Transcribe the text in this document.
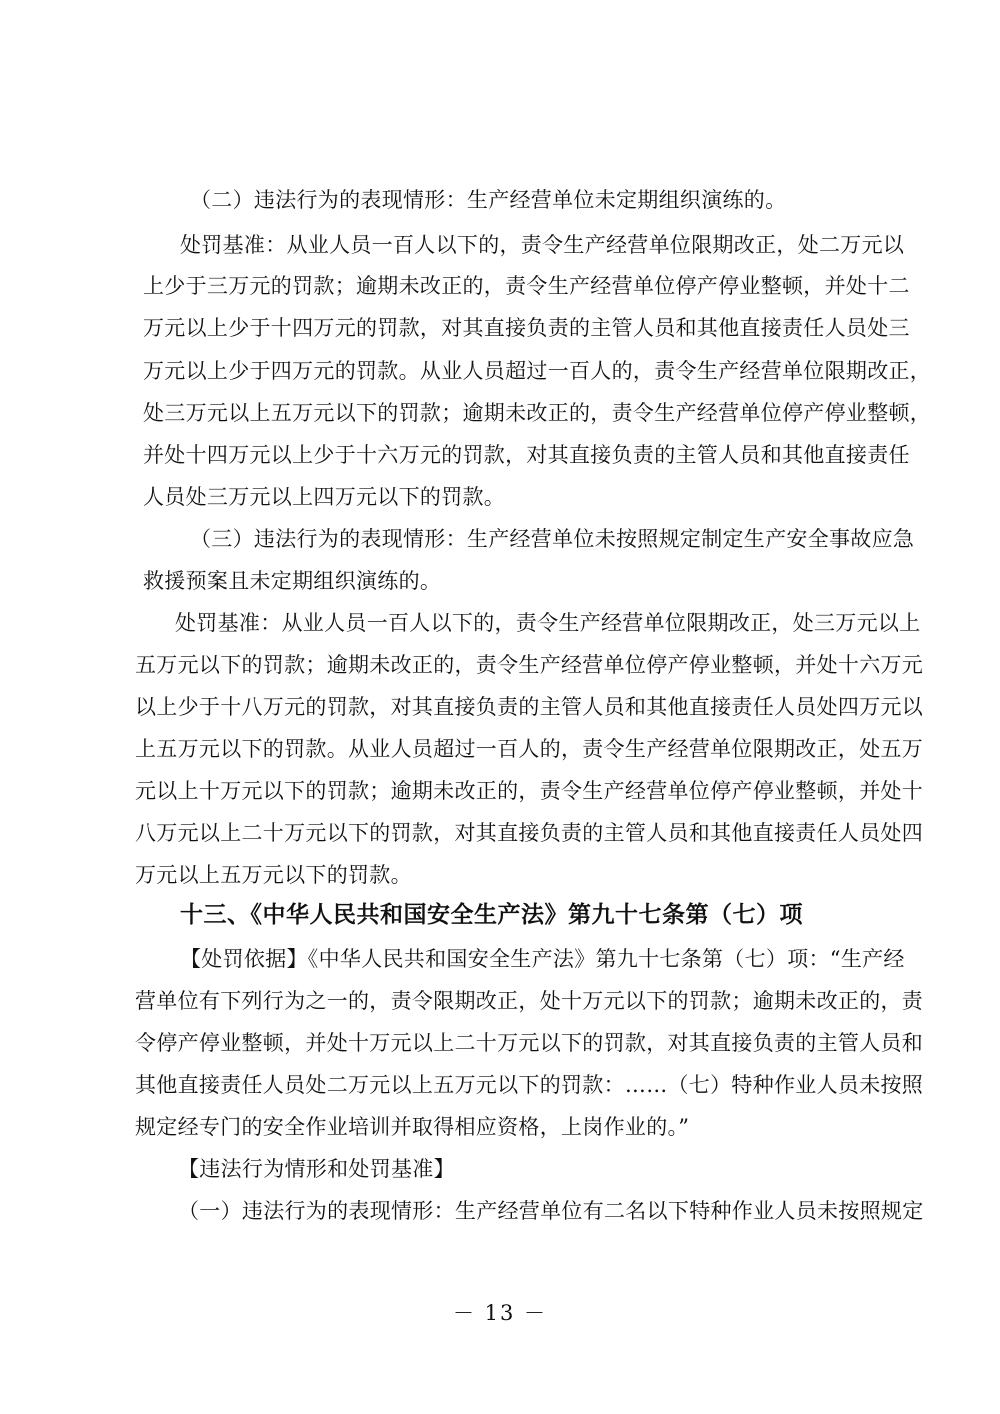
（二）违法行为的表现情形：生产经营单位未定期组织演练的。
处罚基准：从业人员一百人以下的，责令生产经营单位限期改正，处二万元以
上少于三万元的罚款；逾期未改正的，责令生产经营单位停产停业整顿，并处十二
万元以上少于十四万元的罚款，对其直接负责的主管人员和其他直接责任人员处三
万元以上少于四万元的罚款。从业人员超过一百人的，责令生产经营单位限期改正，
处三万元以上五万元以下的罚款；逾期未改正的，责令生产经营单位停产停业整顿，
并处十四万元以上少于十六万元的罚款，对其直接负责的主管人员和其他直接责任
人员处三万元以上四万元以下的罚款。
（三）违法行为的表现情形：生产经营单位未按照规定制定生产安全事故应急
救援预案且未定期组织演练的。
处罚基准：从业人员一百人以下的，责令生产经营单位限期改正，处三万元以上
五万元以下的罚款；逾期未改正的，责令生产经营单位停产停业整顿，并处十六万元
以上少于十八万元的罚款，对其直接负责的主管人员和其他直接责任人员处四万元以
上五万元以下的罚款。从业人员超过一百人的，责令生产经营单位限期改正，处五万
元以上十万元以下的罚款；逾期未改正的，责令生产经营单位停产停业整顿，并处十
八万元以上二十万元以下的罚款，对其直接负责的主管人员和其他直接责任人员处四
万元以上五万元以下的罚款。
十三、《中华人民共和国安全生产法》第九十七条第（七）项
【处罚依据】《中华人民共和国安全生产法》第九十七条第（七）项：“生产经
营单位有下列行为之一的，责令限期改正，处十万元以下的罚款；逾期未改正的，责
令停产停业整顿，并处十万元以上二十万元以下的罚款，对其直接负责的主管人员和
其他直接责任人员处二万元以上五万元以下的罚款：……（七）特种作业人员未按照
规定经专门的安全作业培训并取得相应资格，上岗作业的。”
【违法行为情形和处罚基准】
（一）违法行为的表现情形：生产经营单位有二名以下特种作业人员未按照规定
－ 13 －
